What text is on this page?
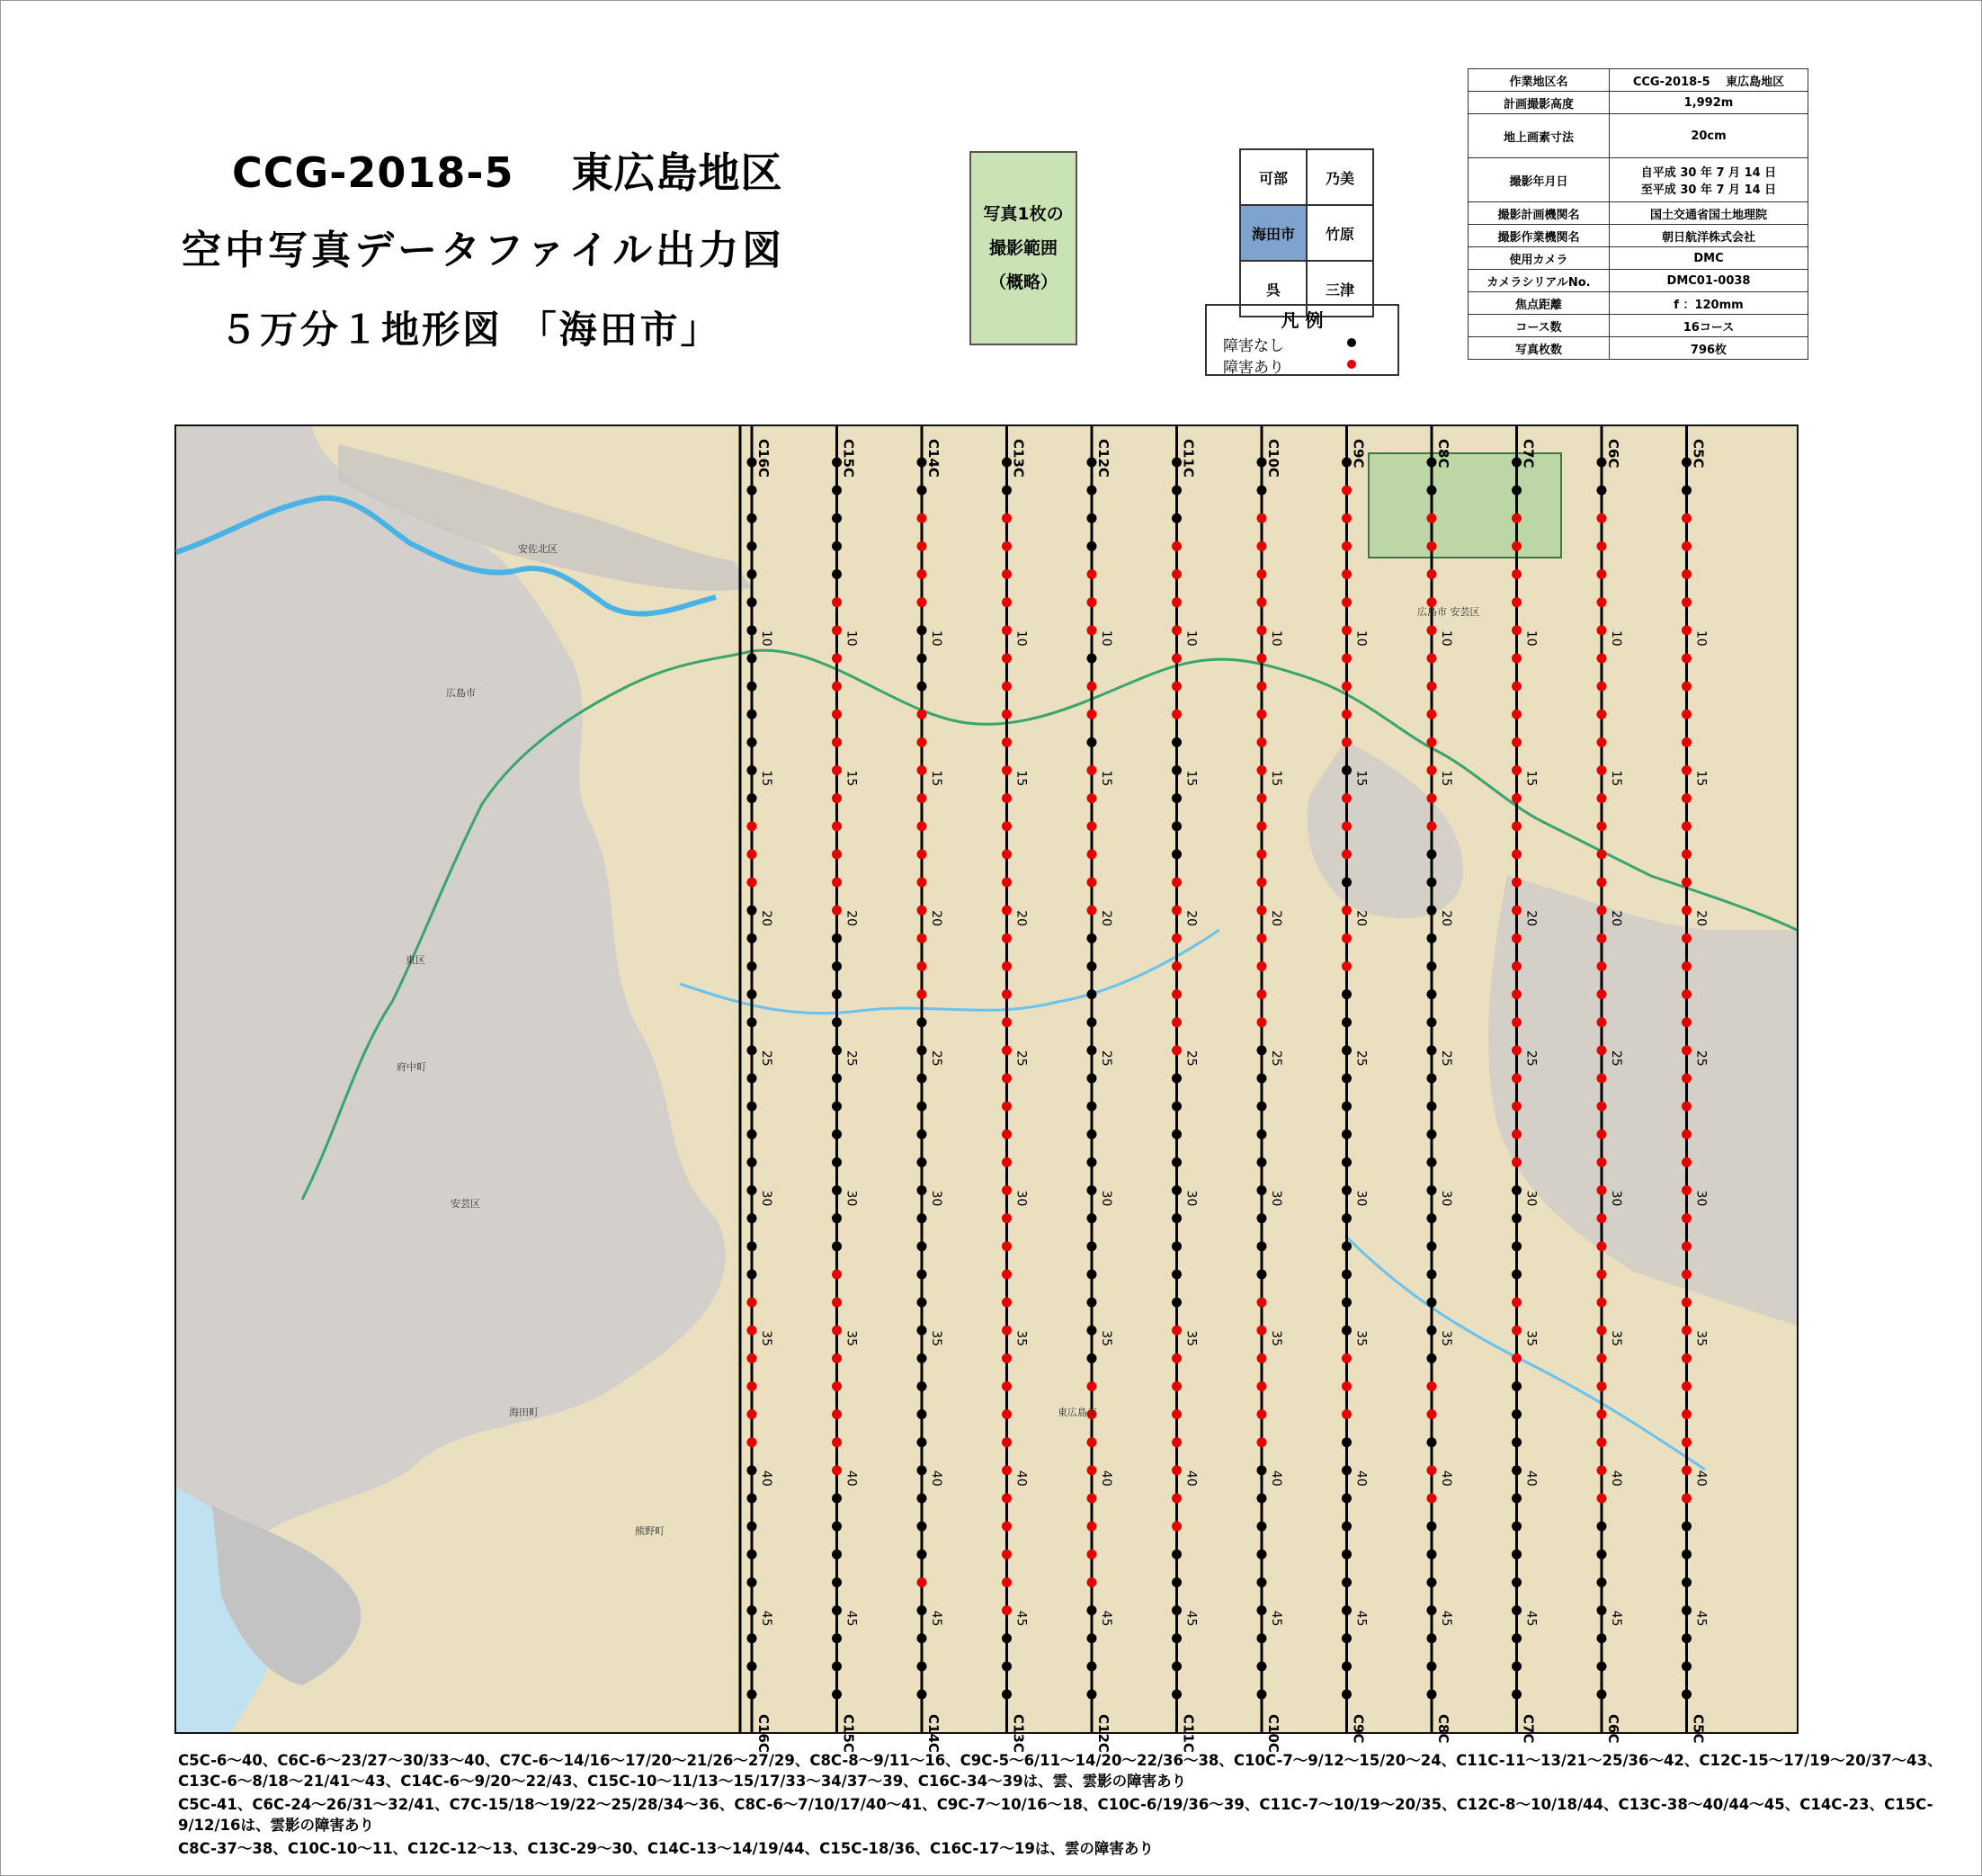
CCG-2018-5　 東広島地区
空中写真データファイル出力図
５万分１地形図 「海田市」
写真1枚の
撮影範囲
（概略）
可部	乃美
海田市	竹原
呉	三津
凡 例
障害なし
障害あり
作業地区名	CCG-2018-5　 東広島地区
計画撮影高度	1,992m
地上画素寸法	20cm
撮影年月日	自平成 30 年 7 月 14 日
至平成 30 年 7 月 14 日

撮影計画機関名	国土交通省国土地理院
撮影作業機関名	朝日航洋株式会社
使用カメラ	DMC
カメラシリアルNo.	DMC01-0038
焦点距離	f ：120mm
コース数	16コース
写真枚数	796枚
C16C
C16C
10
15
20
25
30
35
40
45
C15C
C15C
10
15
20
25
30
35
40
45
C14C
C14C
10
15
20
25
30
35
40
45
C13C
C13C
10
15
20
25
30
35
40
45
C12C
C12C
10
15
20
25
30
35
40
45
C11C
C11C
10
15
20
25
30
35
40
45
C10C
C10C
10
15
20
25
30
35
40
45
C9C
C9C
10
15
20
25
30
35
40
45
C8C
C8C
10
15
20
25
30
35
40
45
C7C
C7C
10
15
20
25
30
35
40
45
C6C
C6C
10
15
20
25
30
35
40
45
C5C
C5C
10
15
20
25
30
35
40
45
安佐北区
広島市
東区
府中町
安芸区
海田町
熊野町
東広島市
広島市 安芸区

C5C-6～40、C6C-6～23/27～30/33～40、C7C-6～14/16～17/20～21/26～27/29、C8C-8～9/11～16、C9C-5～6/11～14/20～22/36～38、C10C-7～9/12～15/20～24、C11C-11～13/21～25/36～42、C12C-15～17/19～20/37～43、C13C-6～8/18～21/41～43、C14C-6～9/20～22/43、C15C-10～11/13～15/17/33～34/37～39、C16C-34～39は、雲、雲影の障害あり

C5C-41、C6C-24～26/31～32/41、C7C-15/18～19/22～25/28/34～36、C8C-6～7/10/17/40～41、C9C-7～10/16～18、C10C-6/19/36～39、C11C-7～10/19～20/35、C12C-8～10/18/44、C13C-38～40/44～45、C14C-23、C15C-9/12/16は、雲影の障害あり

C8C-37～38、C10C-10～11、C12C-12～13、C13C-29～30、C14C-13～14/19/44、C15C-18/36、C16C-17～19は、雲の障害あり
